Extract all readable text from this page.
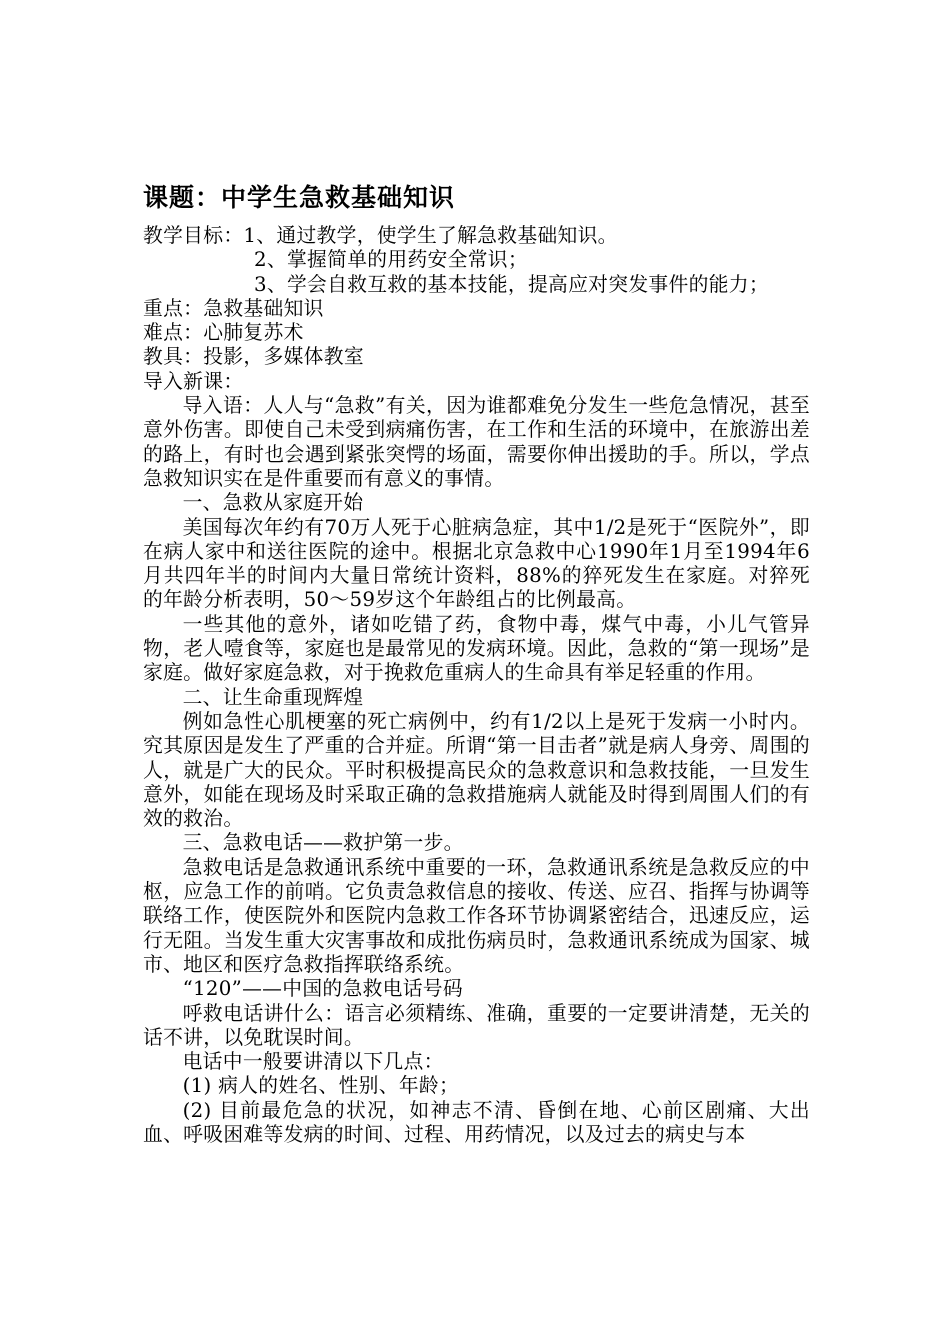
课题：中学生急救基础知识

教学目标：1、通过教学，使学生了解急救基础知识。

2、掌握简单的用药安全常识；

3、学会自救互救的基本技能，提高应对突发事件的能力；

重点：急救基础知识

难点：心肺复苏术

教具：投影，多媒体教室

导入新课：

导入语：人人与“急救”有关，因为谁都难免分发生一些危急情况，甚至意外伤害。即使自己未受到病痛伤害，在工作和生活的环境中，在旅游出差的路上，有时也会遇到紧张突愕的场面，需要你伸出援助的手。所以，学点急救知识实在是件重要而有意义的事情。

一、急救从家庭开始

美国每次年约有70万人死于心脏病急症，其中1/2是死于“医院外”，即在病人家中和送往医院的途中。根据北京急救中心1990年1月至1994年6月共四年半的时间内大量日常统计资料，88%的猝死发生在家庭。对猝死的年龄分析表明，50～59岁这个年龄组占的比例最高。

一些其他的意外，诸如吃错了药，食物中毒，煤气中毒，小儿气管异物，老人噎食等，家庭也是最常见的发病环境。因此，急救的“第一现场”是家庭。做好家庭急救，对于挽救危重病人的生命具有举足轻重的作用。

二、让生命重现辉煌

例如急性心肌梗塞的死亡病例中，约有1/2以上是死于发病一小时内。究其原因是发生了严重的合并症。所谓“第一目击者”就是病人身旁、周围的人，就是广大的民众。平时积极提高民众的急救意识和急救技能，一旦发生意外，如能在现场及时采取正确的急救措施病人就能及时得到周围人们的有效的救治。

三、急救电话——救护第一步。

急救电话是急救通讯系统中重要的一环，急救通讯系统是急救反应的中枢，应急工作的前哨。它负责急救信息的接收、传送、应召、指挥与协调等联络工作，使医院外和医院内急救工作各环节协调紧密结合，迅速反应，运行无阻。当发生重大灾害事故和成批伤病员时，急救通讯系统成为国家、城市、地区和医疗急救指挥联络系统。

“120”——中国的急救电话号码

呼救电话讲什么：语言必须精练、准确，重要的一定要讲清楚，无关的话不讲，以免耽误时间。

电话中一般要讲清以下几点：

(1) 病人的姓名、性别、年龄；

(2) 目前最危急的状况，如神志不清、昏倒在地、心前区剧痛、大出血、呼吸困难等发病的时间、过程、用药情况，以及过去的病史与本
